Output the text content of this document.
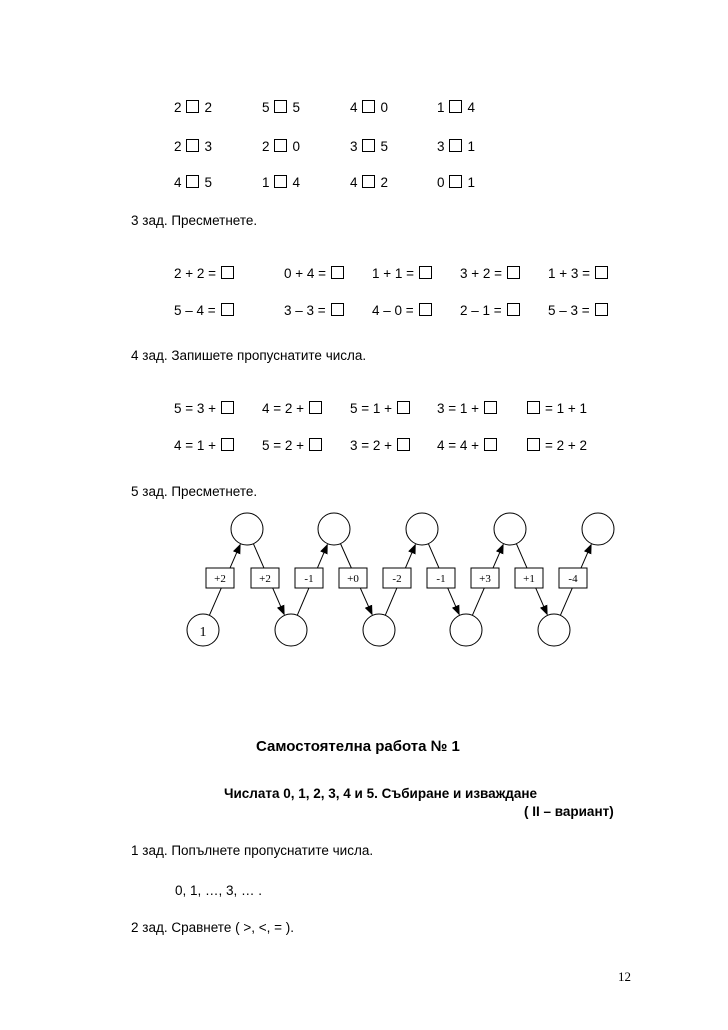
2 2	5 5	4 0	1 4
2 3	2 0	3 5	3 1
4 5	1 4	4 2	0 1
3 зад. Пресметнете.
2 + 2 =	0 + 4 =	1 + 1 =	3 + 2 =	1 + 3 =
5 – 4 =	3 – 3 =	4 – 0 =	2 – 1 =	5 – 3 =
4 зад. Запишете пропуснатите числа.
5 = 3 +	4 = 2 +	5 = 1 +	3 = 1 +	= 1 + 1
4 = 1 +	5 = 2 +	3 = 2 +	4 = 4 +	= 2 + 2
5 зад. Пресметнете.
+2	+2	-1	+0	-2	-1	+3	+1	-4
1
Самостоятелна работа № 1
Числата 0, 1, 2, 3, 4 и 5. Събиране и изваждане
( II – вариант)
1 зад. Попълнете пропуснатите числа.
0, 1, …, 3, … .
2 зад. Сравнете ( >, <, = ).
12
